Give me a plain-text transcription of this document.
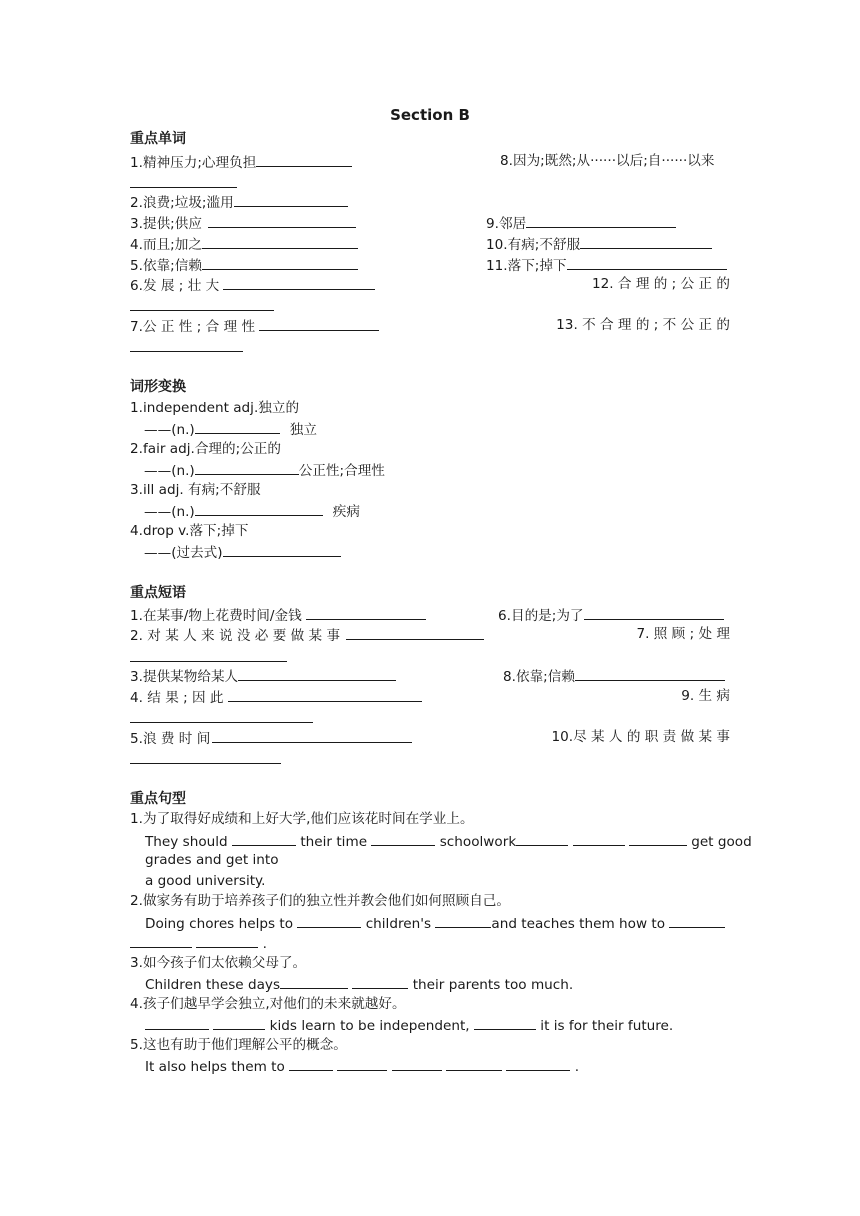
Section B
重点单词
1.精神压力;心理负担	8.因为;既然;从······以后;自······以来
2.浪费;垃圾;滥用
3.提供;供应	9.邻居
4.而且;加之	10.有病;不舒服
5.依靠;信赖	11.落下;掉下
6.发 展 ; 壮 大	12. 合 理 的 ; 公 正 的
7.公 正 性 ; 合 理 性	13. 不 合 理 的 ; 不 公 正 的
词形变换
1.independent adj.独立的
——(n.)	独立
2.fair adj.合理的;公正的
——(n.)	公正性;合理性
3.ill adj. 有病;不舒服
——(n.)	疾病
4.drop v.落下;掉下
——(过去式)
重点短语
1.在某事/物上花费时间/金钱	6.目的是;为了
2. 对 某 人 来 说 没 必 要 做 某 事	7. 照 顾 ; 处 理
3.提供某物给某人	8.依靠;信赖
4. 结 果 ; 因 此	9. 生 病
5.浪 费 时 间	10.尽 某 人 的 职 责 做 某 事
重点句型
1.为了取得好成绩和上好大学,他们应该花时间在学业上。
They should	their time	schoolwork	get good
grades and get into
a good university.
2.做家务有助于培养孩子们的独立性并教会他们如何照顾自己。
Doing chores helps to	children's	and teaches them how to
.
3.如今孩子们太依赖父母了。
Children these days	their parents too much.
4.孩子们越早学会独立,对他们的未来就越好。
kids learn to be independent,	it is for their future.
5.这也有助于他们理解公平的概念。
It also helps them to	.
